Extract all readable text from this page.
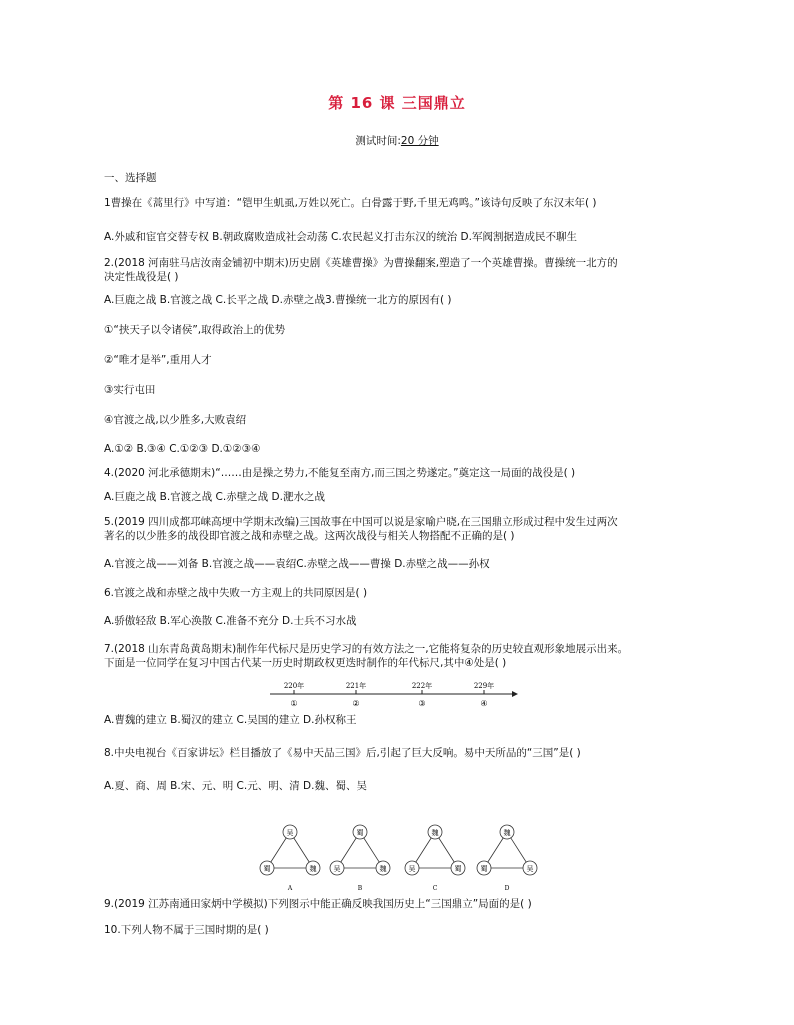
第 16 课 三国鼎立
测试时间:20 分钟
一、选择题
1曹操在《蒿里行》中写道：“铠甲生虮虱,万姓以死亡。白骨露于野,千里无鸡鸣。”该诗句反映了东汉末年( )
A.外戚和宦官交替专权 B.朝政腐败造成社会动荡 C.农民起义打击东汉的统治 D.军阀割据造成民不聊生
2.(2018 河南驻马店汝南金铺初中期末)历史剧《英雄曹操》为曹操翻案,塑造了一个英雄曹操。曹操统一北方的
决定性战役是( )
A.巨鹿之战 B.官渡之战 C.长平之战 D.赤壁之战3.曹操统一北方的原因有( )
①“挟天子以令诸侯”,取得政治上的优势
②“唯才是举”,重用人才
③实行屯田
④官渡之战,以少胜多,大败袁绍
A.①② B.③④ C.①②③ D.①②③④
4.(2020 河北承德期末)“……由是操之势力,不能复至南方,而三国之势遂定。”奠定这一局面的战役是( )
A.巨鹿之战 B.官渡之战 C.赤壁之战 D.淝水之战
5.(2019 四川成都邛崃高埂中学期末改编)三国故事在中国可以说是家喻户晓,在三国鼎立形成过程中发生过两次
著名的以少胜多的战役即官渡之战和赤壁之战。这两次战役与相关人物搭配不正确的是( )
A.官渡之战——刘备 B.官渡之战——袁绍C.赤壁之战——曹操 D.赤壁之战——孙权
6.官渡之战和赤壁之战中失败一方主观上的共同原因是( )
A.骄傲轻敌 B.军心涣散 C.准备不充分 D.士兵不习水战
7.(2018 山东青岛黄岛期末)制作年代标尺是历史学习的有效方法之一,它能将复杂的历史较直观形象地展示出来。
下面是一位同学在复习中国古代某一历史时期政权更迭时制作的年代标尺,其中④处是( )
220年
①
221年
②
222年
③
229年
④
A.曹魏的建立 B.蜀汉的建立 C.吴国的建立 D.孙权称王
8.中央电视台《百家讲坛》栏目播放了《易中天品三国》后,引起了巨大反响。易中天所品的“三国”是( )
A.夏、商、周 B.宋、元、明 C.元、明、清 D.魏、蜀、吴
吴
蜀	魏
A
蜀
吴	魏
B
魏
吴	蜀
C
魏
蜀	吴
D
9.(2019 江苏南通田家炳中学模拟)下列图示中能正确反映我国历史上“三国鼎立”局面的是( )
10.下列人物不属于三国时期的是( )
